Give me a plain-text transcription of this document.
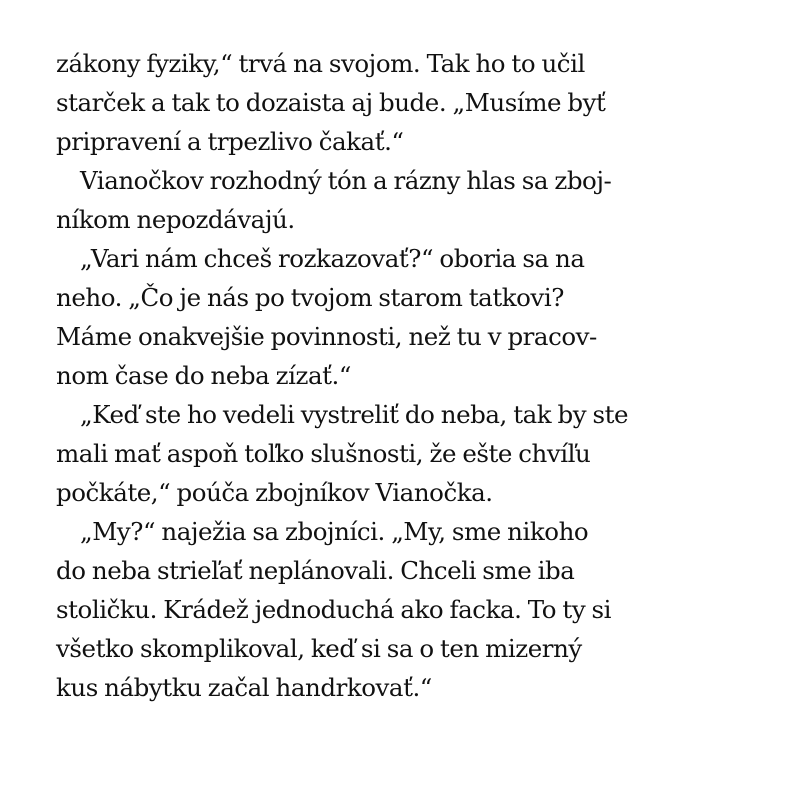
zákony fyziky,“ trvá na svojom. Tak ho to učil
starček a tak to dozaista aj bude. „Musíme byť
pripravení a trpezlivo čakať.“
Vianočkov rozhodný tón a rázny hlas sa zboj-
níkom nepozdávajú.
„Vari nám chceš rozkazovať?“ oboria sa na
neho. „Čo je nás po tvojom starom tatkovi?
Máme onakvejšie povinnosti, než tu v pracov-
nom čase do neba zízať.“
„Keď ste ho vedeli vystreliť do neba, tak by ste
mali mať aspoň toľko slušnosti, že ešte chvíľu
počkáte,“ poúča zbojníkov Vianočka.
„My?“ naježia sa zbojníci. „My, sme nikoho
do neba strieľať neplánovali. Chceli sme iba
stoličku. Krádež jednoduchá ako facka. To ty si
všetko skomplikoval, keď si sa o ten mizerný
kus nábytku začal handrkovať.“
